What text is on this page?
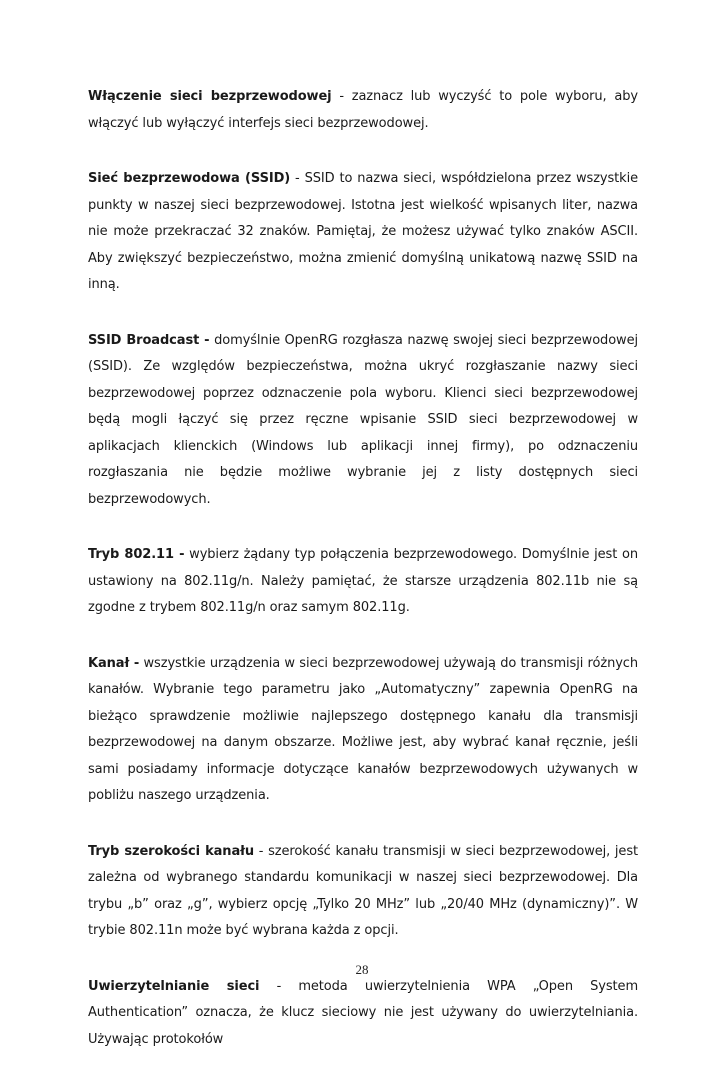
Włączenie sieci bezprzewodowej - zaznacz lub wyczyść to pole wyboru, aby włączyć lub wyłączyć interfejs sieci bezprzewodowej.

Sieć bezprzewodowa (SSID) - SSID to nazwa sieci, współdzielona przez wszystkie punkty w naszej sieci bezprzewodowej. Istotna jest wielkość wpisanych liter, nazwa nie może przekraczać 32 znaków. Pamiętaj, że możesz używać tylko znaków ASCII. Aby zwiększyć bezpieczeństwo, można zmienić domyślną unikatową nazwę SSID na inną.

SSID Broadcast - domyślnie OpenRG rozgłasza nazwę swojej sieci bezprzewodowej (SSID). Ze względów bezpieczeństwa, można ukryć rozgłaszanie nazwy sieci bezprzewodowej poprzez odznaczenie pola wyboru. Klienci sieci bezprzewodowej będą mogli łączyć się przez ręczne wpisanie SSID sieci bezprzewodowej w aplikacjach klienckich (Windows lub aplikacji innej firmy), po odznaczeniu rozgłaszania nie będzie możliwe wybranie jej z listy dostępnych sieci bezprzewodowych.

Tryb 802.11 - wybierz żądany typ połączenia bezprzewodowego. Domyślnie jest on ustawiony na 802.11g/n. Należy pamiętać, że starsze urządzenia 802.11b nie są zgodne z trybem 802.11g/n oraz samym 802.11g.

Kanał - wszystkie urządzenia w sieci bezprzewodowej używają do transmisji różnych kanałów. Wybranie tego parametru jako „Automatyczny” zapewnia OpenRG na bieżąco sprawdzenie możliwie najlepszego dostępnego kanału dla transmisji bezprzewodowej na danym obszarze. Możliwe jest, aby wybrać kanał ręcznie, jeśli sami posiadamy informacje dotyczące kanałów bezprzewodowych używanych w pobliżu naszego urządzenia.

Tryb szerokości kanału - szerokość kanału transmisji w sieci bezprzewodowej, jest zależna od wybranego standardu komunikacji w naszej sieci bezprzewodowej. Dla trybu „b” oraz „g”, wybierz opcję „Tylko 20 MHz” lub „20/40 MHz (dynamiczny)”. W trybie 802.11n może być wybrana każda z opcji.

Uwierzytelnianie sieci - metoda uwierzytelnienia WPA „Open System Authentication” oznacza, że klucz sieciowy nie jest używany do uwierzytelniania. Używając protokołów

28
